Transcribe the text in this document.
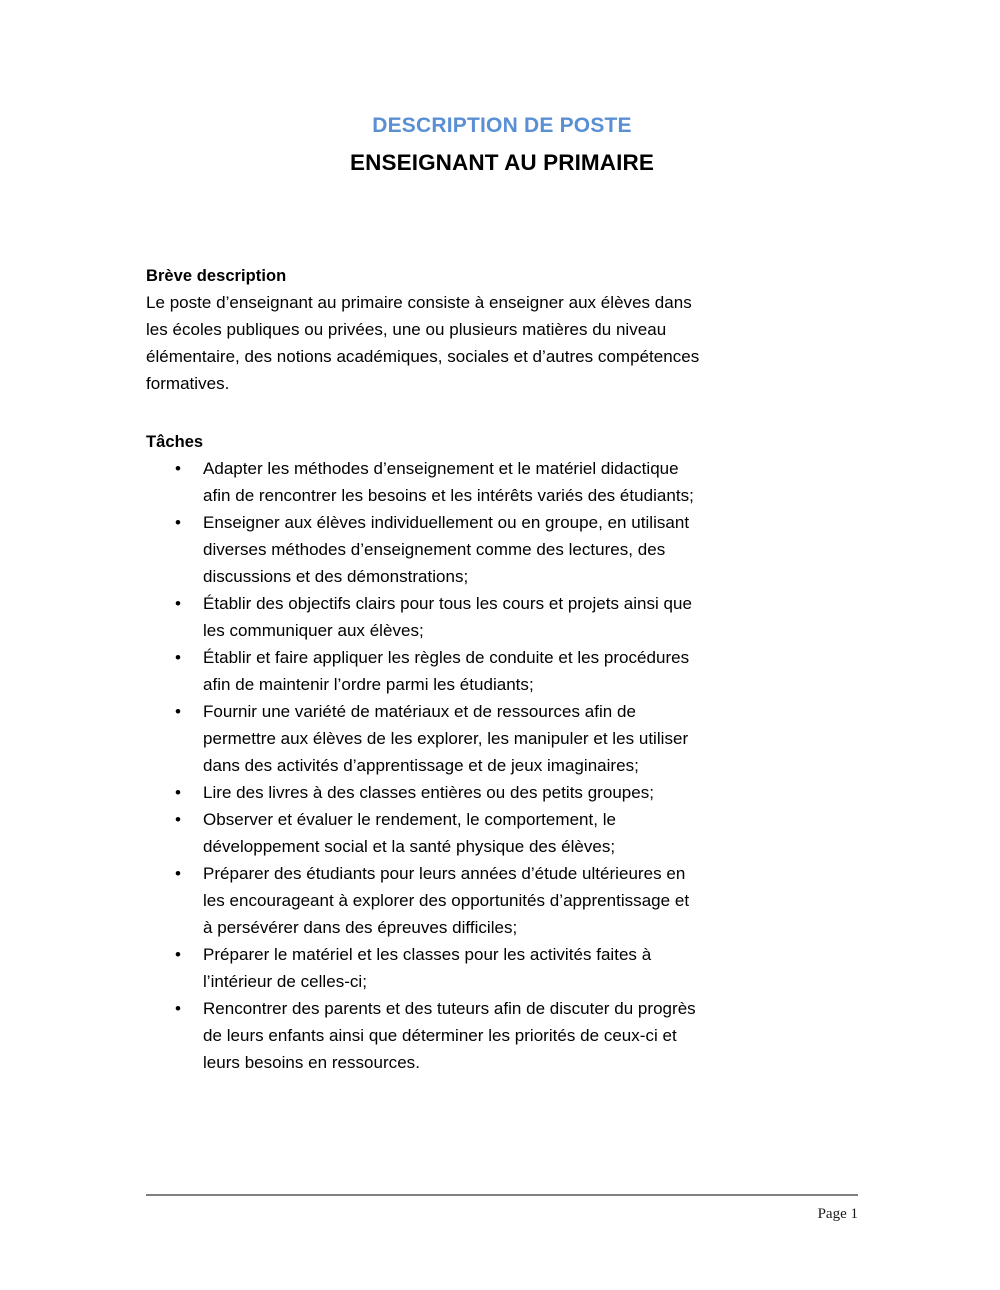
DESCRIPTION DE POSTE

ENSEIGNANT AU PRIMAIRE

Brève description

Le poste d’enseignant au primaire consiste à enseigner aux élèves dans les écoles publiques ou privées, une ou plusieurs matières du niveau élémentaire, des notions académiques, sociales et d’autres compétences formatives.

Tâches

• Adapter les méthodes d’enseignement et le matériel didactique afin de rencontrer les besoins et les intérêts variés des étudiants;
• Enseigner aux élèves individuellement ou en groupe, en utilisant diverses méthodes d’enseignement comme des lectures, des discussions et des démonstrations;
• Établir des objectifs clairs pour tous les cours et projets ainsi que les communiquer aux élèves;
• Établir et faire appliquer les règles de conduite et les procédures afin de maintenir l’ordre parmi les étudiants;
• Fournir une variété de matériaux et de ressources afin de permettre aux élèves de les explorer, les manipuler et les utiliser dans des activités d’apprentissage et de jeux imaginaires;
• Lire des livres à des classes entières ou des petits groupes;
• Observer et évaluer le rendement, le comportement, le développement social et la santé physique des élèves;
• Préparer des étudiants pour leurs années d’étude ultérieures en les encourageant à explorer des opportunités d’apprentissage et à persévérer dans des épreuves difficiles;
• Préparer le matériel et les classes pour les activités faites à l’intérieur de celles-ci;
• Rencontrer des parents et des tuteurs afin de discuter du progrès de leurs enfants ainsi que déterminer les priorités de ceux-ci et leurs besoins en ressources.
Page 1
